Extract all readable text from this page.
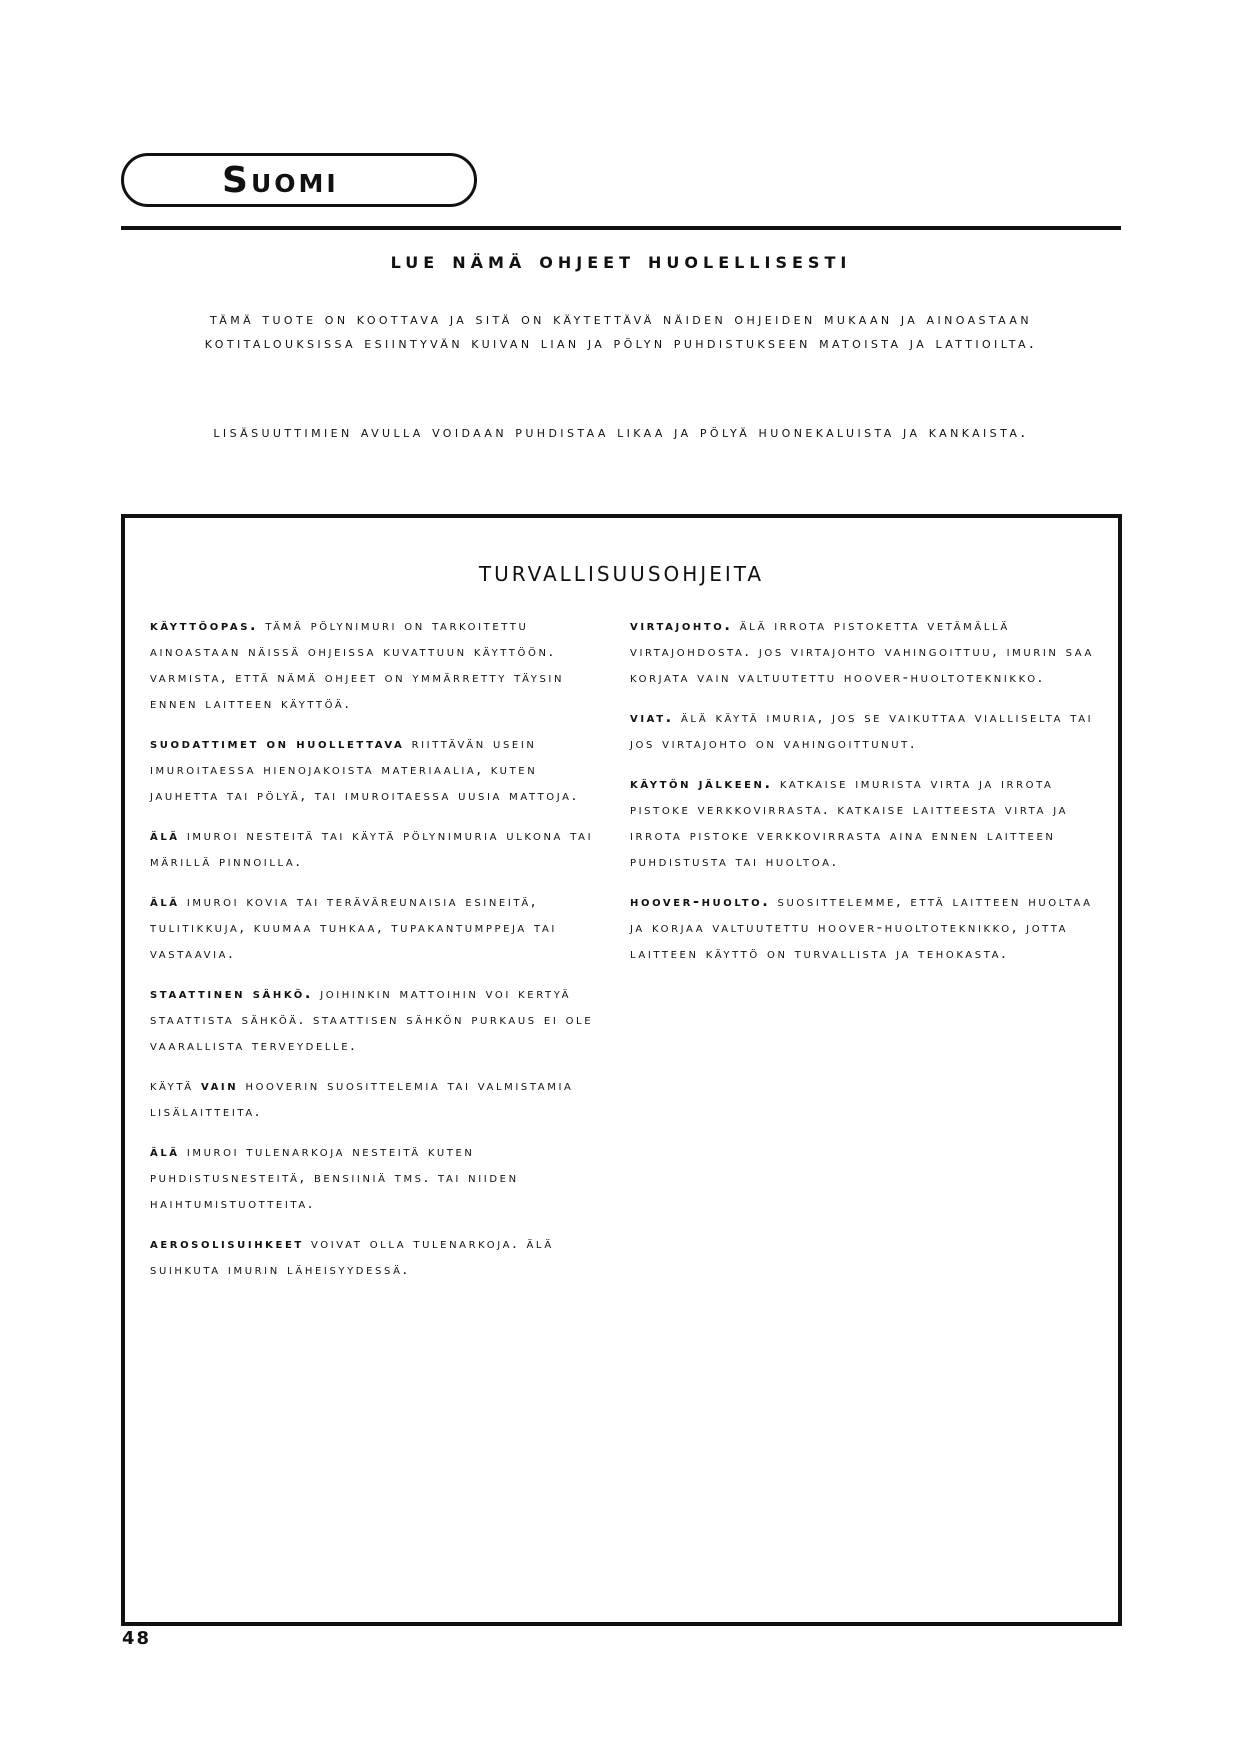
Suomi
lue nämä ohjeet huolellisesti
tämä tuote on koottava ja sitä on käytettävä näiden ohjeiden mukaan ja ainoastaan kotitalouksissa esiintyvän kuivan lian ja pölyn puhdistukseen matoista ja lattioilta.
lisäsuuttimien avulla voidaan puhdistaa likaa ja pölyä huonekaluista ja kankaista.
turvallisuusohjeita

käyttöopas. tämä pölynimuri on tarkoitettu ainoastaan näissä ohjeissa kuvattuun käyttöön. varmista, että nämä ohjeet on ymmärretty täysin ennen laitteen käyttöä.

suodattimet on huollettava riittävän usein imuroitaessa hienojakoista materiaalia, kuten jauhetta tai pölyä, tai imuroitaessa uusia mattoja.

älä imuroi nesteitä tai käytä pölynimuria ulkona tai märillä pinnoilla.

älä imuroi kovia tai teräväreunaisia esineitä, tulitikkuja, kuumaa tuhkaa, tupakantumppeja tai vastaavia.

staattinen sähkö. joihinkin mattoihin voi kertyä staattista sähköä. staattisen sähkön purkaus ei ole vaarallista terveydelle.

käytä vain hooverin suosittelemia tai valmistamia lisälaitteita.

älä imuroi tulenarkoja nesteitä kuten puhdistusnesteitä, bensiiniä tms. tai niiden haihtumistuotteita.

aerosolisuihkeet voivat olla tulenarkoja. älä suihkuta imurin läheisyydessä.

virtajohto. älä irrota pistoketta vetämällä virtajohdosta. jos virtajohto vahingoittuu, imurin saa korjata vain valtuutettu hoover-huoltoteknikko.

viat. älä käytä imuria, jos se vaikuttaa vialliselta tai jos virtajohto on vahingoittunut.

käytön jälkeen. katkaise imurista virta ja irrota pistoke verkkovirrasta. katkaise laitteesta virta ja irrota pistoke verkkovirrasta aina ennen laitteen puhdistusta tai huoltoa.

hoover-huolto. suosittelemme, että laitteen huoltaa ja korjaa valtuutettu hoover-huoltoteknikko, jotta laitteen käyttö on turvallista ja tehokasta.

48
